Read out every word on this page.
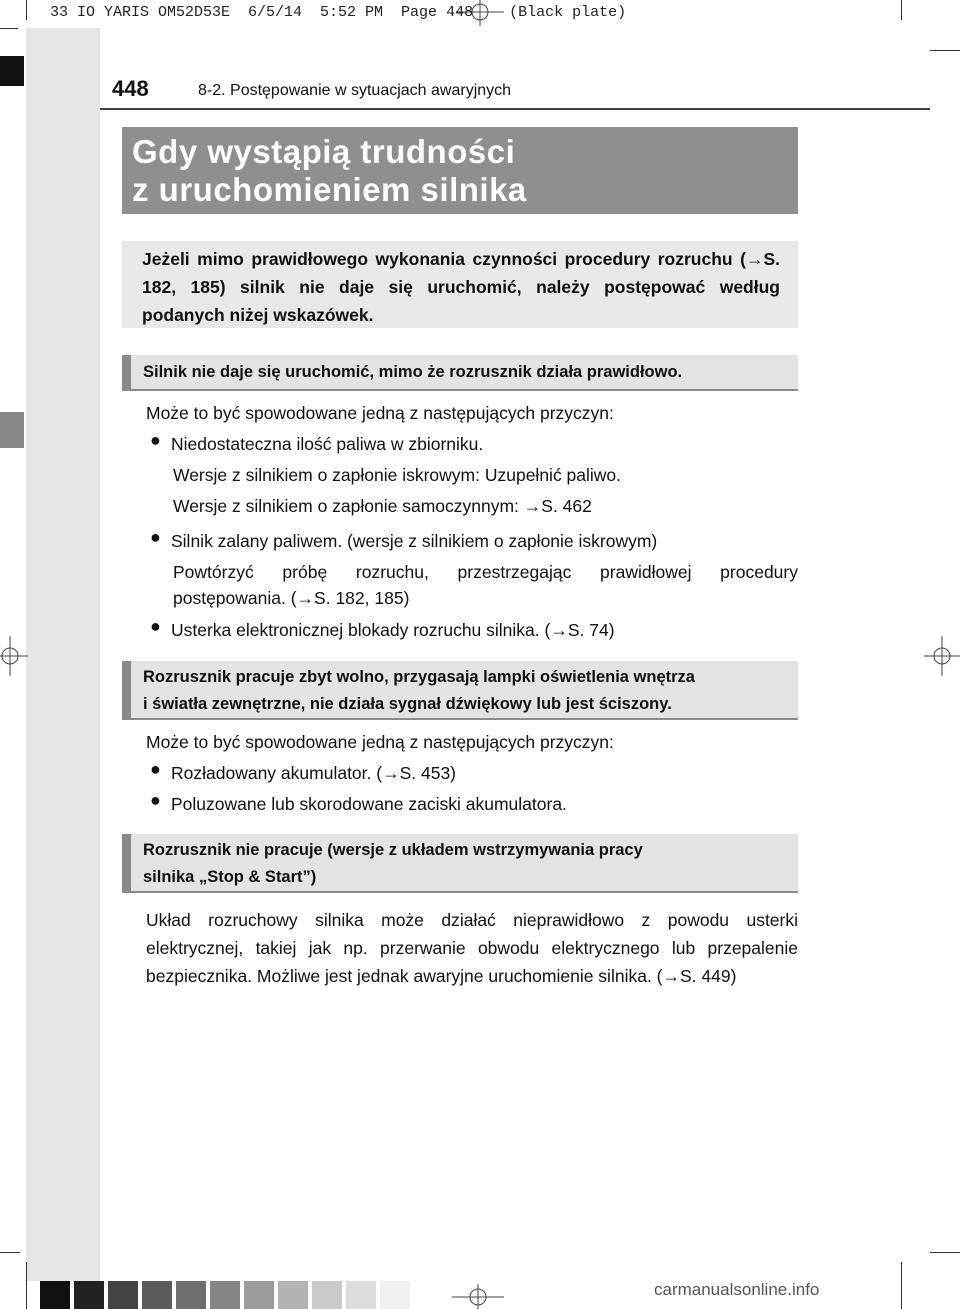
33 IO YARIS OM52D53E  6/5/14  5:52 PM  Page 448    (Black plate)
448	8-2. Postępowanie w sytuacjach awaryjnych
Gdy wystąpią trudności
z uruchomieniem silnika
Jeżeli mimo prawidłowego wykonania czynności procedury rozruchu (→S. 182, 185) silnik nie daje się uruchomić, należy postępować według podanych niżej wskazówek.
Silnik nie daje się uruchomić, mimo że rozrusznik działa prawidłowo.
Może to być spowodowane jedną z następujących przyczyn:
● Niedostateczna ilość paliwa w zbiorniku.
Wersje z silnikiem o zapłonie iskrowym: Uzupełnić paliwo.
Wersje z silnikiem o zapłonie samoczynnym: →S. 462
● Silnik zalany paliwem. (wersje z silnikiem o zapłonie iskrowym)
Powtórzyć próbę rozruchu, przestrzegając prawidłowej procedury
postępowania. (→S. 182, 185)
● Usterka elektronicznej blokady rozruchu silnika. (→S. 74)
Rozrusznik pracuje zbyt wolno, przygasają lampki oświetlenia wnętrza
i światła zewnętrzne, nie działa sygnał dźwiękowy lub jest ściszony.
Może to być spowodowane jedną z następujących przyczyn:
● Rozładowany akumulator. (→S. 453)
● Poluzowane lub skorodowane zaciski akumulatora.
Rozrusznik nie pracuje (wersje z układem wstrzymywania pracy
silnika „Stop & Start”)
Układ rozruchowy silnika może działać nieprawidłowo z powodu usterki elektrycznej, takiej jak np. przerwanie obwodu elektrycznego lub przepalenie bezpiecznika. Możliwe jest jednak awaryjne uruchomienie silnika. (→S. 449)
carmanualsonline.info
